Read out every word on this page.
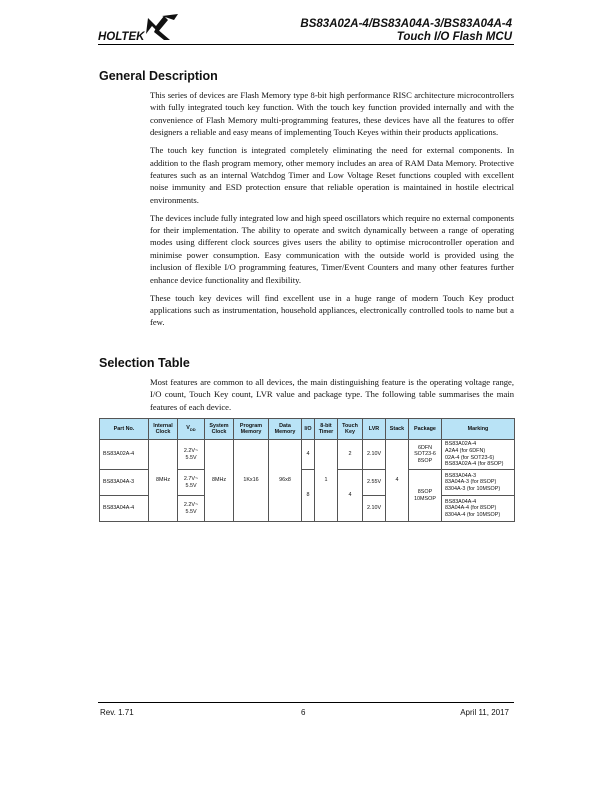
HOLTEK
BS83A02A-4/BS83A04A-3/BS83A04A-4
Touch I/O Flash MCU
General Description

This series of devices are Flash Memory type 8-bit high performance RISC architecture microcontrollers with fully integrated touch key function. With the touch key function provided internally and with the convenience of Flash Memory multi-programming features, these devices have all the features to offer designers a reliable and easy means of implementing Touch Keyes within their products applications.

The touch key function is integrated completely eliminating the need for external components. In addition to the flash program memory, other memory includes an area of RAM Data Memory. Protective features such as an internal Watchdog Timer and Low Voltage Reset functions coupled with excellent noise immunity and ESD protection ensure that reliable operation is maintained in hostile electrical environments.

The devices include fully integrated low and high speed oscillators which require no external components for their implementation. The ability to operate and switch dynamically between a range of operating modes using different clock sources gives users the ability to optimise microcontroller operation and minimise power consumption. Easy communication with the outside world is provided using the inclusion of flexible I/O programming features, Timer/Event Counters and many other features further enhance device functionality and flexibility.

These touch key devices will find excellent use in a huge range of modern Touch Key product applications such as instrumentation, household appliances, electronically controlled tools to name but a few.

Selection Table

Most features are common to all devices, the main distinguishing feature is the operating voltage range, I/O count, Touch Key count, LVR value and package type. The following table summarises the main features of each device.

Part No.	Internal Clock	$V_{DD}$	System Clock	Program Memory	Data Memory	I/O	8-bit Timer	Touch Key	LVR	Stack	Package	Marking
BS83A02A-4	8MHz	2.2V~ 5.5V	8MHz	1Kx16	96x8	4	1	2	2.10V	4	6DFN SOT23-6 8SOP	BS83A02A-4
A2A4 (for 6DFN)
02A-4 (for SOT23-6)
BS83A02A-4 (for 8SOP)

BS83A04A-3		2.7V~ 5.5V				8		4	2.55V		8SOP 10MSOP	BS83A04A-3
83A04A-3 (for 8SOP)
8304A-3 (for 10MSOP)

BS83A04A-4		2.2V~ 5.5V							2.10V			BS83A04A-4
83A04A-4 (for 8SOP)
8304A-4 (for 10MSOP)
Rev. 1.71	6	April 11, 2017
